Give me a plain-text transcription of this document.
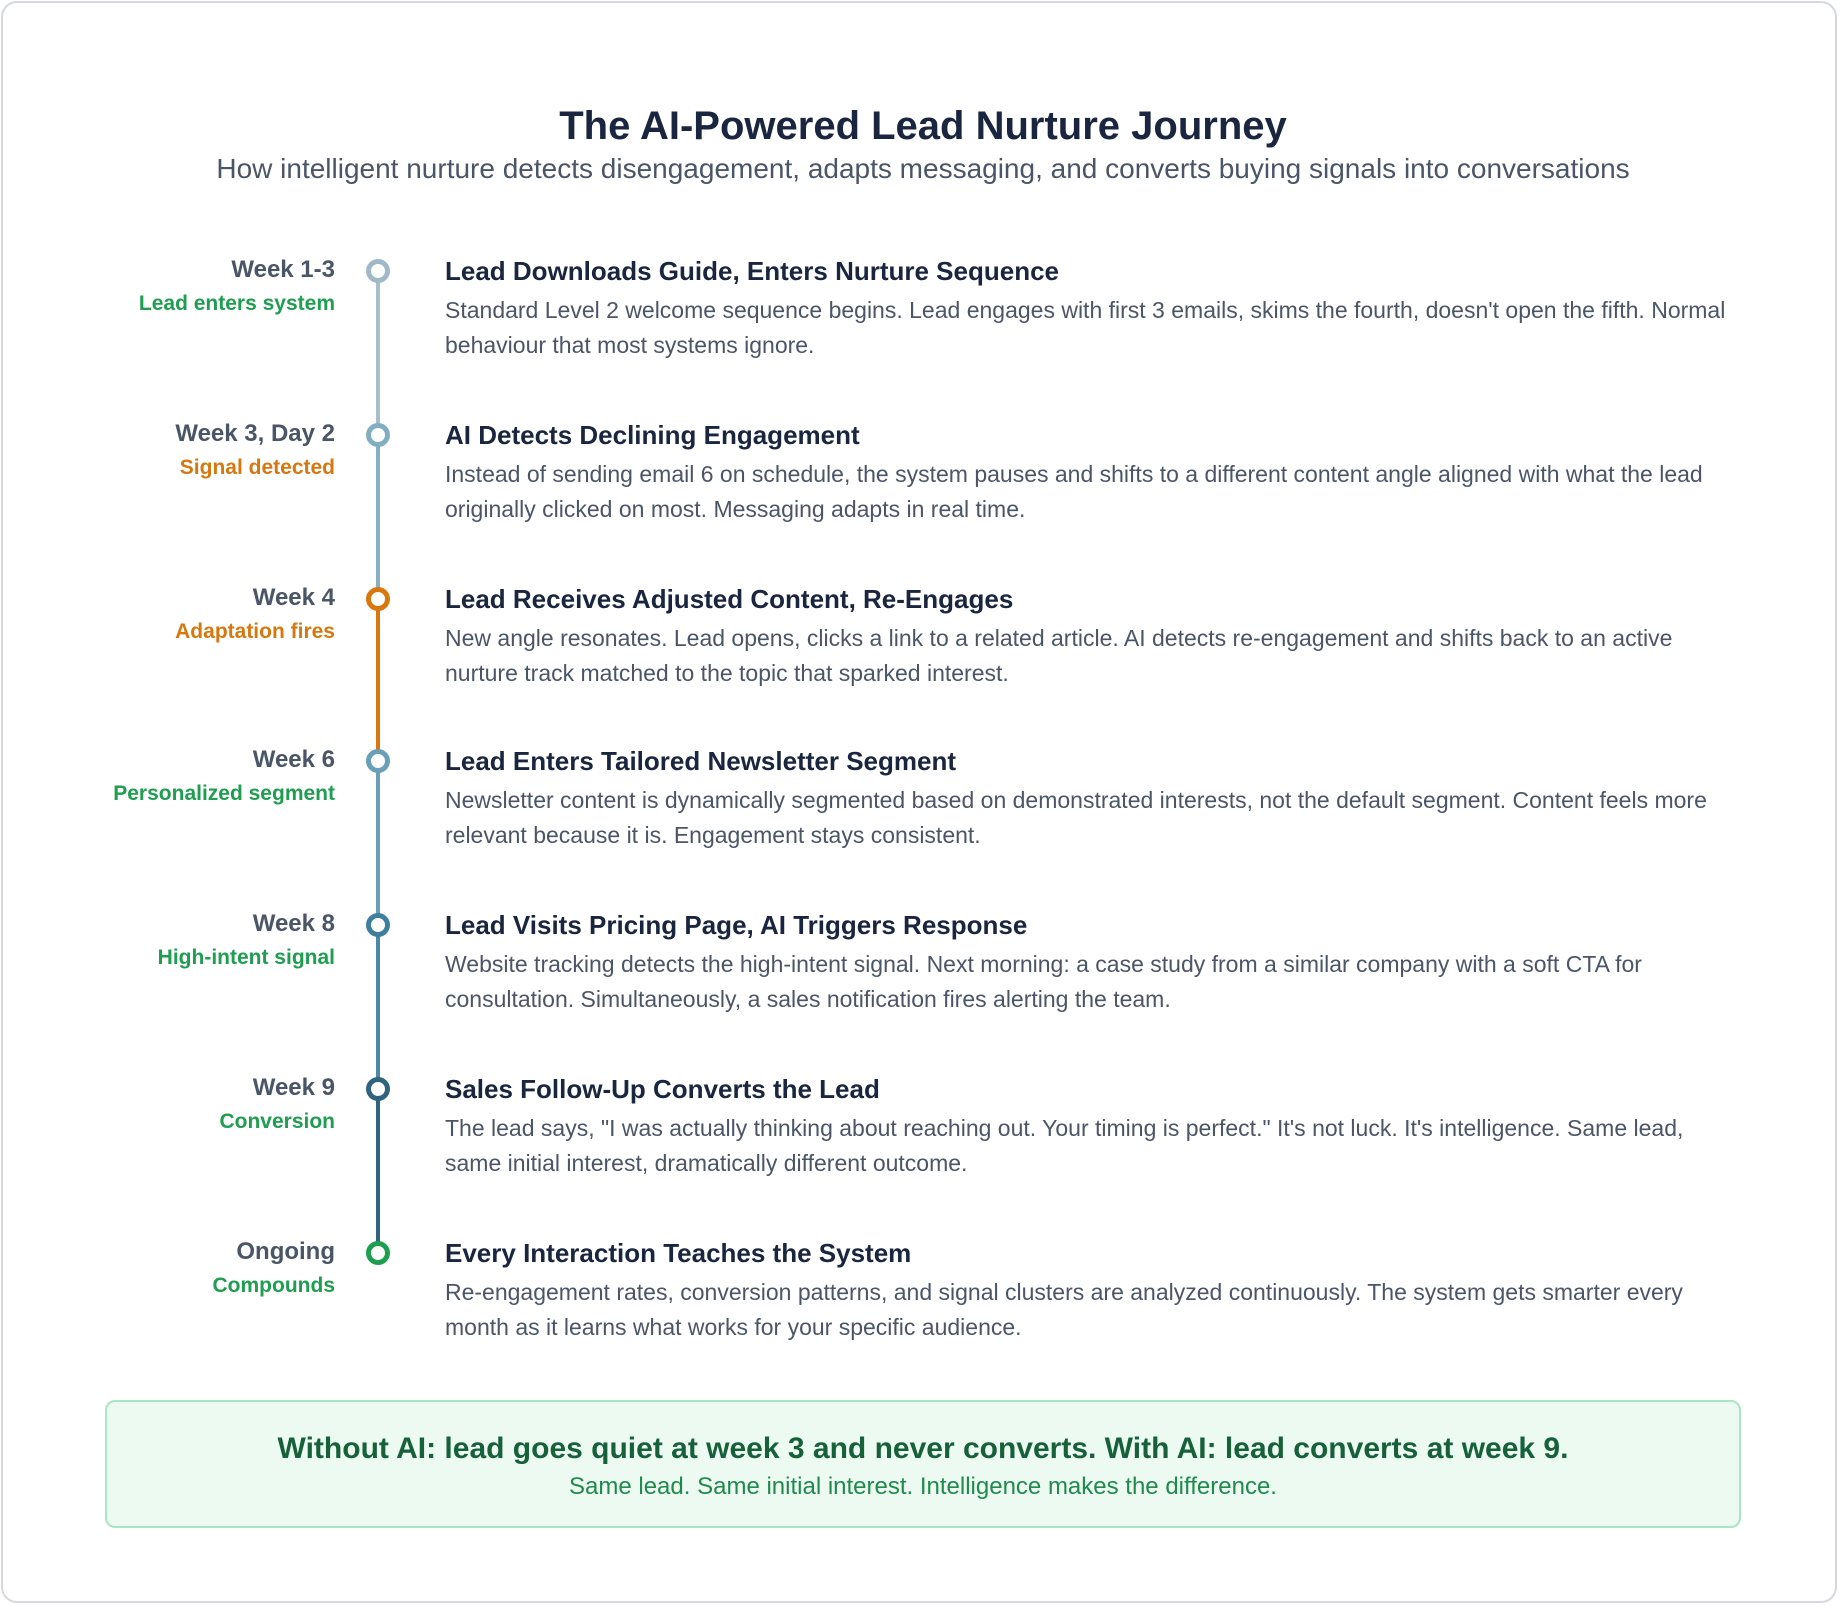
The AI-Powered Lead Nurture Journey
How intelligent nurture detects disengagement, adapts messaging, and converts buying signals into conversations
Week 1-3
Lead enters system
Lead Downloads Guide, Enters Nurture Sequence
Standard Level 2 welcome sequence begins. Lead engages with first 3 emails, skims the fourth, doesn't open the fifth. Normal behaviour that most systems ignore.
Week 3, Day 2
Signal detected
AI Detects Declining Engagement
Instead of sending email 6 on schedule, the system pauses and shifts to a different content angle aligned with what the lead originally clicked on most. Messaging adapts in real time.
Week 4
Adaptation fires
Lead Receives Adjusted Content, Re-Engages
New angle resonates. Lead opens, clicks a link to a related article. AI detects re-engagement and shifts back to an active nurture track matched to the topic that sparked interest.
Week 6
Personalized segment
Lead Enters Tailored Newsletter Segment
Newsletter content is dynamically segmented based on demonstrated interests, not the default segment. Content feels more relevant because it is. Engagement stays consistent.
Week 8
High-intent signal
Lead Visits Pricing Page, AI Triggers Response
Website tracking detects the high-intent signal. Next morning: a case study from a similar company with a soft CTA for consultation. Simultaneously, a sales notification fires alerting the team.
Week 9
Conversion
Sales Follow-Up Converts the Lead
The lead says, "I was actually thinking about reaching out. Your timing is perfect." It's not luck. It's intelligence. Same lead, same initial interest, dramatically different outcome.
Ongoing
Compounds
Every Interaction Teaches the System
Re-engagement rates, conversion patterns, and signal clusters are analyzed continuously. The system gets smarter every month as it learns what works for your specific audience.
Without AI: lead goes quiet at week 3 and never converts. With AI: lead converts at week 9.
Same lead. Same initial interest. Intelligence makes the difference.
